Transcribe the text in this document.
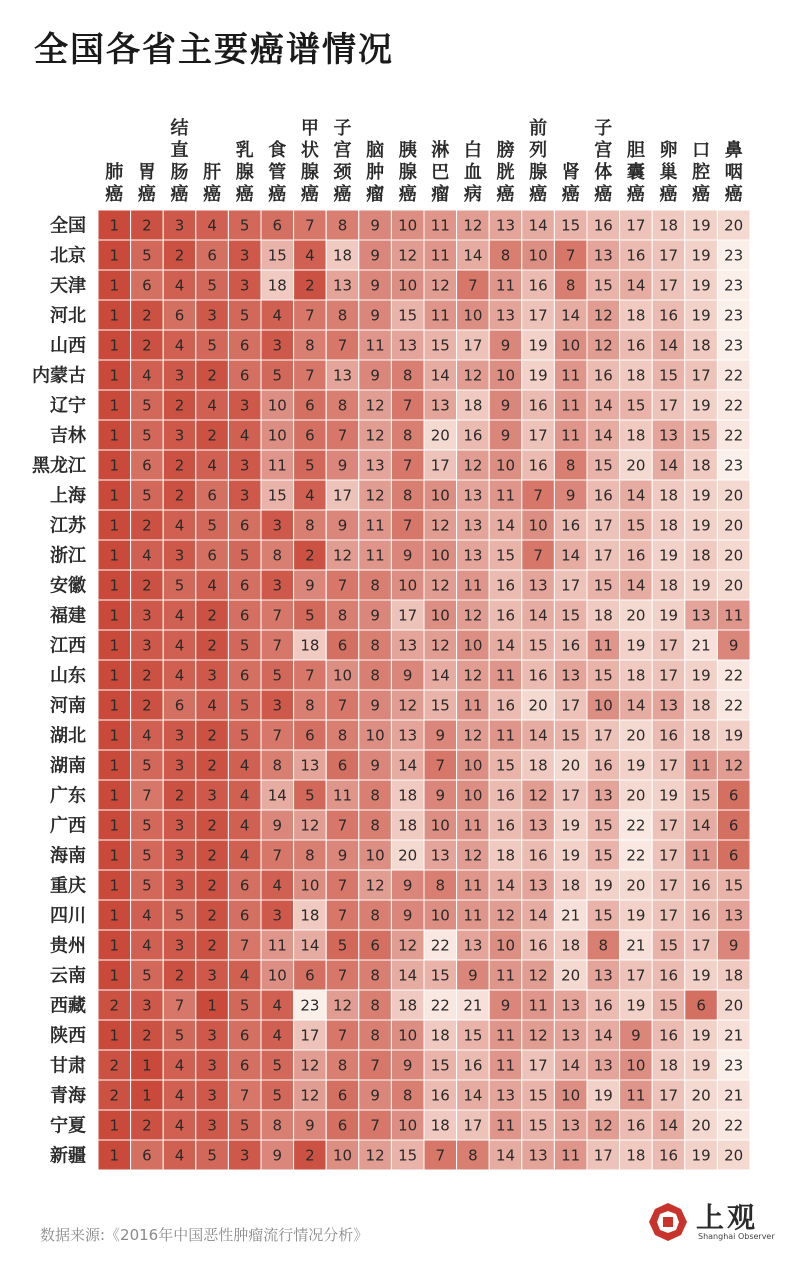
全国各省主要癌谱情况
肺癌
胃癌
结直肠癌
肝癌
乳腺癌
食管癌
甲状腺癌
子宫颈癌
脑肿瘤
胰腺癌
淋巴瘤
白血病
膀胱癌
前列腺癌
肾癌
子宫体癌
胆囊癌
卵巢癌
口腔癌
鼻咽癌
全国 1 2 3 4 5 6 7 8 9 10 11 12 13 14 15 16 17 18 19 20
北京 1 5 2 6 3 15 4 18 9 12 11 14 8 10 7 13 16 17 19 23
天津 1 6 4 5 3 18 2 13 9 10 12 7 11 16 8 15 14 17 19 23
河北 1 2 6 3 5 4 7 8 9 15 11 10 13 17 14 12 18 16 19 23
山西 1 2 4 5 6 3 8 7 11 13 15 17 9 19 10 12 16 14 18 23
内蒙古 1 4 3 2 6 5 7 13 9 8 14 12 10 19 11 16 18 15 17 22
辽宁 1 5 2 4 3 10 6 8 12 7 13 18 9 16 11 14 15 17 19 22
吉林 1 5 3 2 4 10 6 7 12 8 20 16 9 17 11 14 18 13 15 22
黑龙江 1 6 2 4 3 11 5 9 13 7 17 12 10 16 8 15 20 14 18 23
上海 1 5 2 6 3 15 4 17 12 8 10 13 11 7 9 16 14 18 19 20
江苏 1 2 4 5 6 3 8 9 11 7 12 13 14 10 16 17 15 18 19 20
浙江 1 4 3 6 5 8 2 12 11 9 10 13 15 7 14 17 16 19 18 20
安徽 1 2 5 4 6 3 9 7 8 10 12 11 16 13 17 15 14 18 19 20
福建 1 3 4 2 6 7 5 8 9 17 10 12 16 14 15 18 20 19 13 11
江西 1 3 4 2 5 7 18 6 8 13 12 10 14 15 16 11 19 17 21 9
山东 1 2 4 3 6 5 7 10 8 9 14 12 11 16 13 15 18 17 19 22
河南 1 2 6 4 5 3 8 7 9 12 15 11 16 20 17 10 14 13 18 22
湖北 1 4 3 2 5 7 6 8 10 13 9 12 11 14 15 17 20 16 18 19
湖南 1 5 3 2 4 8 13 6 9 14 7 10 15 18 20 16 19 17 11 12
广东 1 7 2 3 4 14 5 11 8 18 9 10 16 12 17 13 20 19 15 6
广西 1 5 3 2 4 9 12 7 8 18 10 11 16 13 19 15 22 17 14 6
海南 1 5 3 2 4 7 8 9 10 20 13 12 18 16 19 15 22 17 11 6
重庆 1 5 3 2 6 4 10 7 12 9 8 11 14 13 18 19 20 17 16 15
四川 1 4 5 2 6 3 18 7 8 9 10 11 12 14 21 15 19 17 16 13
贵州 1 4 3 2 7 11 14 5 6 12 22 13 10 16 18 8 21 15 17 9
云南 1 5 2 3 4 10 6 7 8 14 15 9 11 12 20 13 17 16 19 18
西藏 2 3 7 1 5 4 23 12 8 18 22 21 9 11 13 16 19 15 6 20
陕西 1 2 5 3 6 4 17 7 8 10 18 15 11 12 13 14 9 16 19 21
甘肃 2 1 4 3 6 5 12 8 7 9 15 16 11 17 14 13 10 18 19 23
青海 2 1 4 3 7 5 12 6 9 8 16 14 13 15 10 19 11 17 20 21
宁夏 1 2 4 3 5 8 9 6 7 10 18 17 11 15 13 12 16 14 20 22
新疆 1 6 4 5 3 9 2 10 12 15 7 8 14 13 11 17 18 16 19 20
数据来源:《2016年中国恶性肿瘤流行情况分析》
上观
Shanghai Observer
